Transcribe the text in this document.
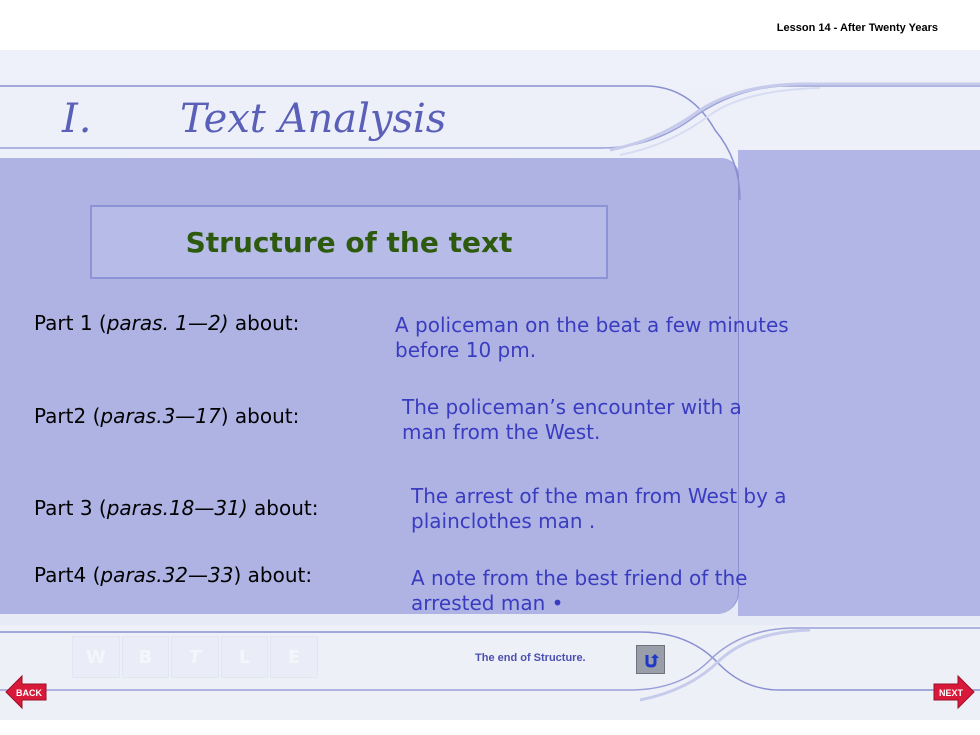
Lesson 14 - After Twenty Years
I. Text Analysis
Structure of the text
Part 1 (paras. 1—2) about:	A policeman on the beat a few minutes
before 10 pm.
Part2 (paras.3—17) about:	The policeman’s encounter with a
man from the West.
Part 3 (paras.18—31) about:	The arrest of the man from West by a
plainclothes man .
Part4 (paras.32—33) about:	A note from the best friend of the
arrested man •
W	B	T	L	E	The end of Structure.
BACK	NEXT
